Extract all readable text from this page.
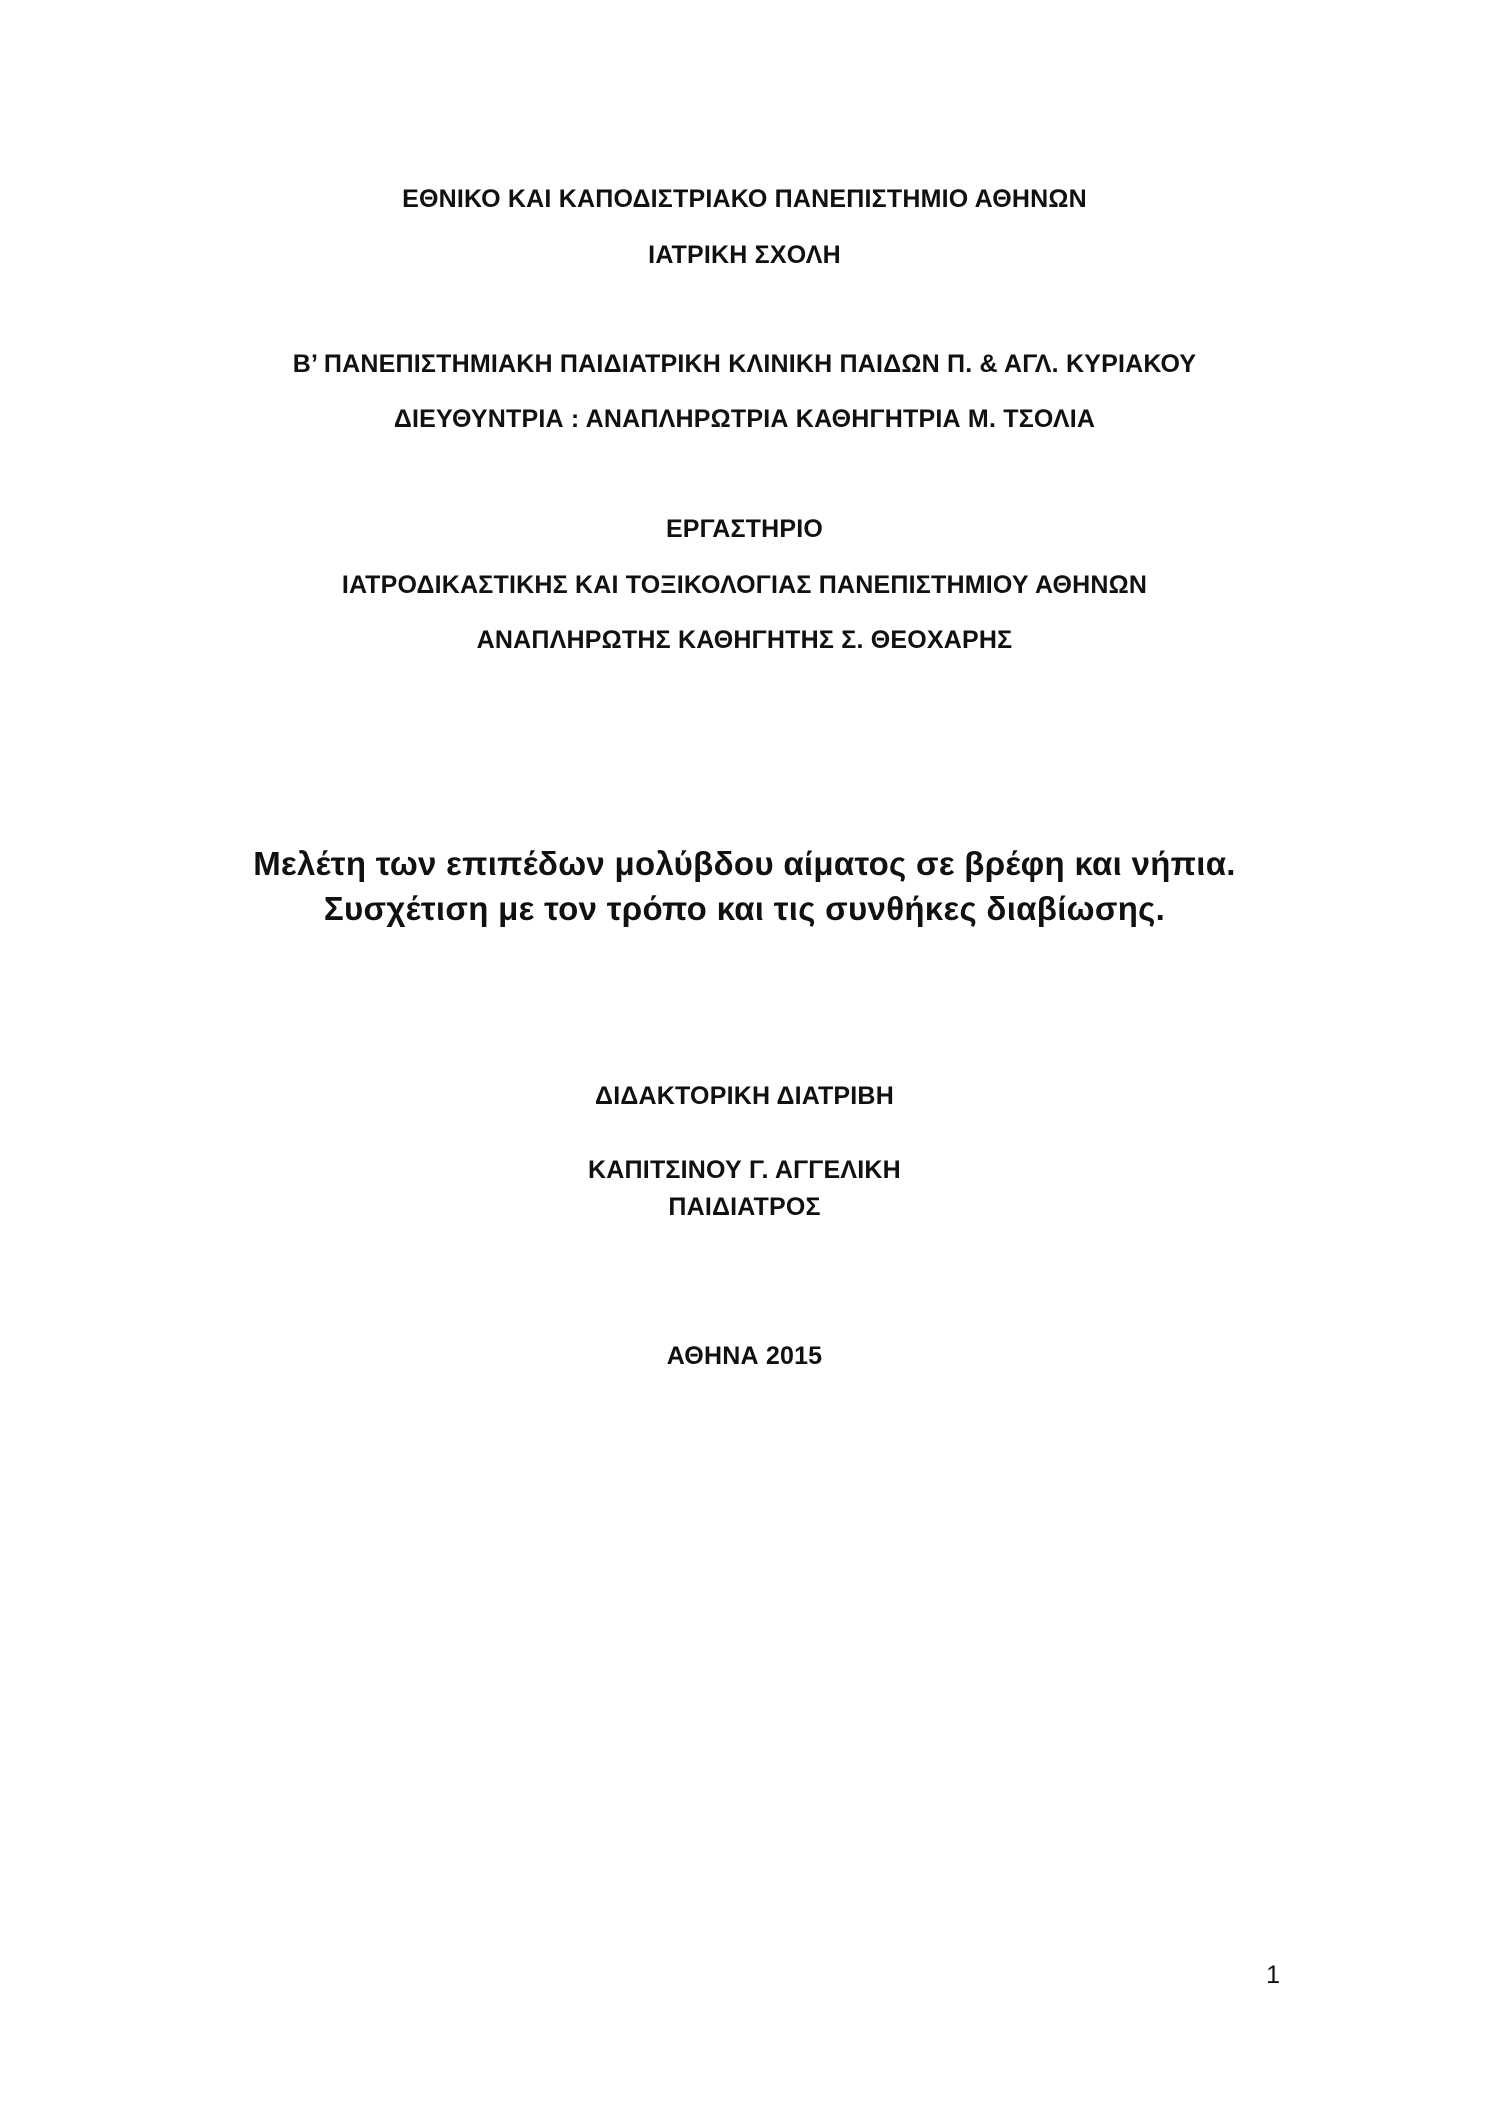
ΕΘΝΙΚΟ ΚΑΙ ΚΑΠΟΔΙΣΤΡΙΑΚΟ ΠΑΝΕΠΙΣΤΗΜΙΟ ΑΘΗΝΩΝ
ΙΑΤΡΙΚΗ ΣΧΟΛΗ
Β’ ΠΑΝΕΠΙΣΤΗΜΙΑΚΗ ΠΑΙΔΙΑΤΡΙΚΗ ΚΛΙΝΙΚΗ ΠΑΙΔΩΝ Π. & ΑΓΛ. ΚΥΡΙΑΚΟΥ
ΔΙΕΥΘΥΝΤΡΙΑ : ΑΝΑΠΛΗΡΩΤΡΙΑ ΚΑΘΗΓΗΤΡΙΑ Μ. ΤΣΟΛΙΑ
ΕΡΓΑΣΤΗΡΙΟ
ΙΑΤΡΟΔΙΚΑΣΤΙΚΗΣ ΚΑΙ ΤΟΞΙΚΟΛΟΓΙΑΣ ΠΑΝΕΠΙΣΤΗΜΙΟΥ ΑΘΗΝΩΝ
ΑΝΑΠΛΗΡΩΤΗΣ ΚΑΘΗΓΗΤΗΣ Σ. ΘΕΟΧΑΡΗΣ
Μελέτη των επιπέδων μολύβδου αίματος σε βρέφη και νήπια.
Συσχέτιση με τον τρόπο και τις συνθήκες διαβίωσης.
ΔΙΔΑΚΤΟΡΙΚΗ ΔΙΑΤΡΙΒΗ
ΚΑΠΙΤΣΙΝΟΥ Γ. ΑΓΓΕΛΙΚΗ
ΠΑΙΔΙΑΤΡΟΣ
ΑΘΗΝΑ 2015
1
